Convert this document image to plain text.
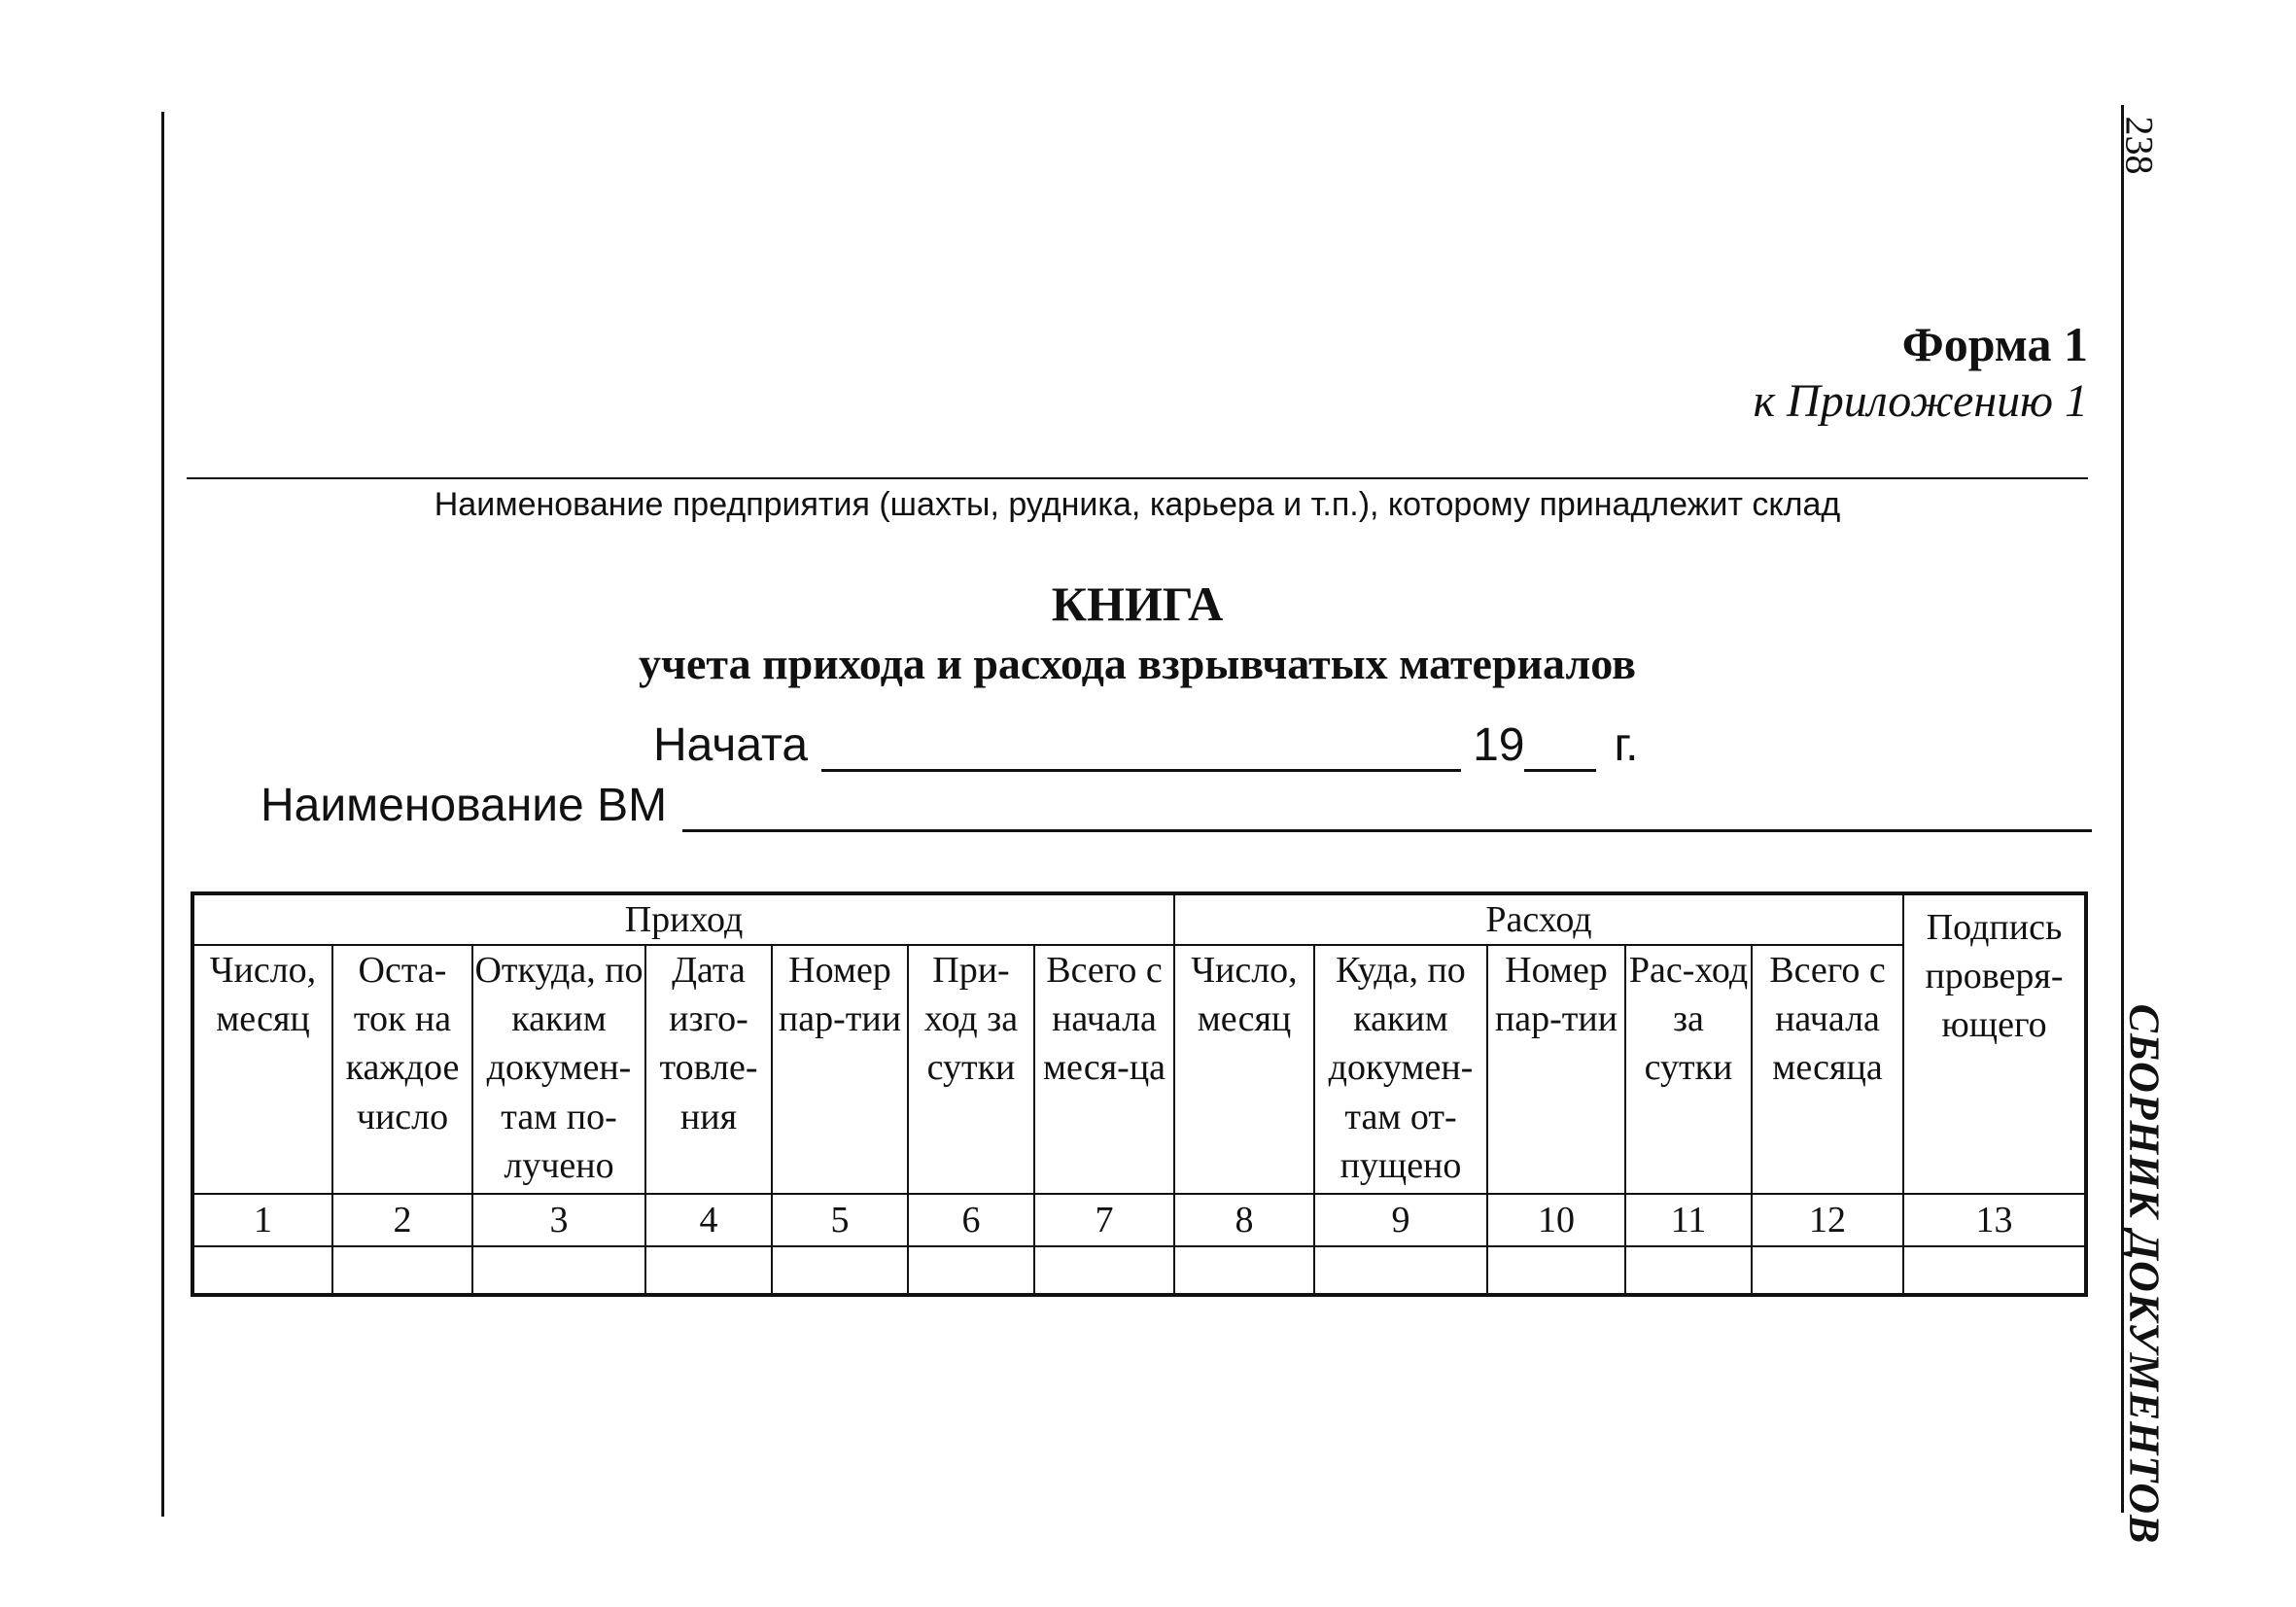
238
СБОРНИК ДОКУМЕНТОВ
Форма 1
к Приложению 1
Наименование предприятия (шахты, рудника, карьера и т.п.), которому принадлежит склад
КНИГА
учета прихода и расхода взрывчатых материалов
Начата	19 г.
Наименование ВМ
Приход							Расход					Подпись проверя-ющего
Число, месяц	Оста-ток на каждое число	Откуда, по каким докумен-там по-лучено	Дата изго-товле-ния	Номер пар-тии	При-ход за сутки	Всего с начала меся-ца	Число, месяц	Куда, по каким докумен-там от-пущено	Номер пар-тии	Рас-ход за сутки	Всего с начала месяца	
1	2	3	4	5	6	7	8	9	10	11	12	13
